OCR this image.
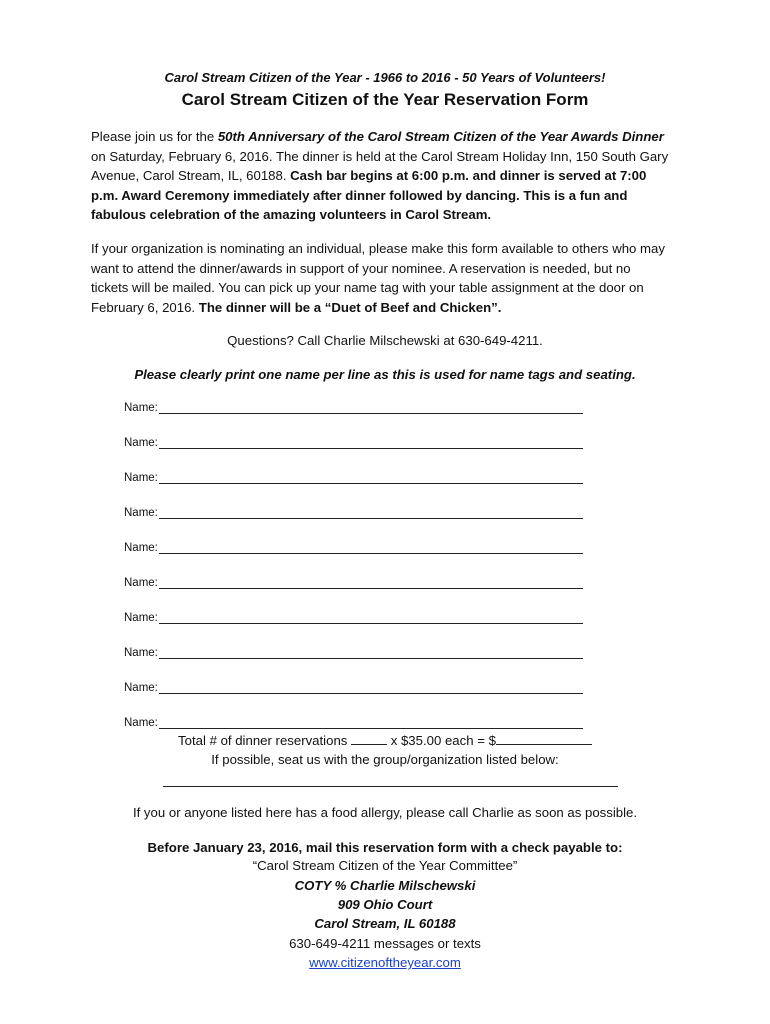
Carol Stream Citizen of the Year - 1966 to 2016 - 50 Years of Volunteers!
Carol Stream Citizen of the Year Reservation Form
Please join us for the 50th Anniversary of the Carol Stream Citizen of the Year Awards Dinner on Saturday, February 6, 2016. The dinner is held at the Carol Stream Holiday Inn, 150 South Gary Avenue, Carol Stream, IL, 60188. Cash bar begins at 6:00 p.m. and dinner is served at 7:00 p.m. Award Ceremony immediately after dinner followed by dancing. This is a fun and fabulous celebration of the amazing volunteers in Carol Stream.
If your organization is nominating an individual, please make this form available to others who may want to attend the dinner/awards in support of your nominee. A reservation is needed, but no tickets will be mailed. You can pick up your name tag with your table assignment at the door on February 6, 2016. The dinner will be a “Duet of Beef and Chicken”.
Questions? Call Charlie Milschewski at 630-649-4211.
Please clearly print one name per line as this is used for name tags and seating.
Name:
Name:
Name:
Name:
Name:
Name:
Name:
Name:
Name:
Name:
Total # of dinner reservations	x $35.00 each = $
If possible, seat us with the group/organization listed below:
If you or anyone listed here has a food allergy, please call Charlie as soon as possible.
Before January 23, 2016, mail this reservation form with a check payable to:
“Carol Stream Citizen of the Year Committee”
COTY % Charlie Milschewski
909 Ohio Court
Carol Stream, IL 60188
630-649-4211 messages or texts
www.citizenoftheyear.com
